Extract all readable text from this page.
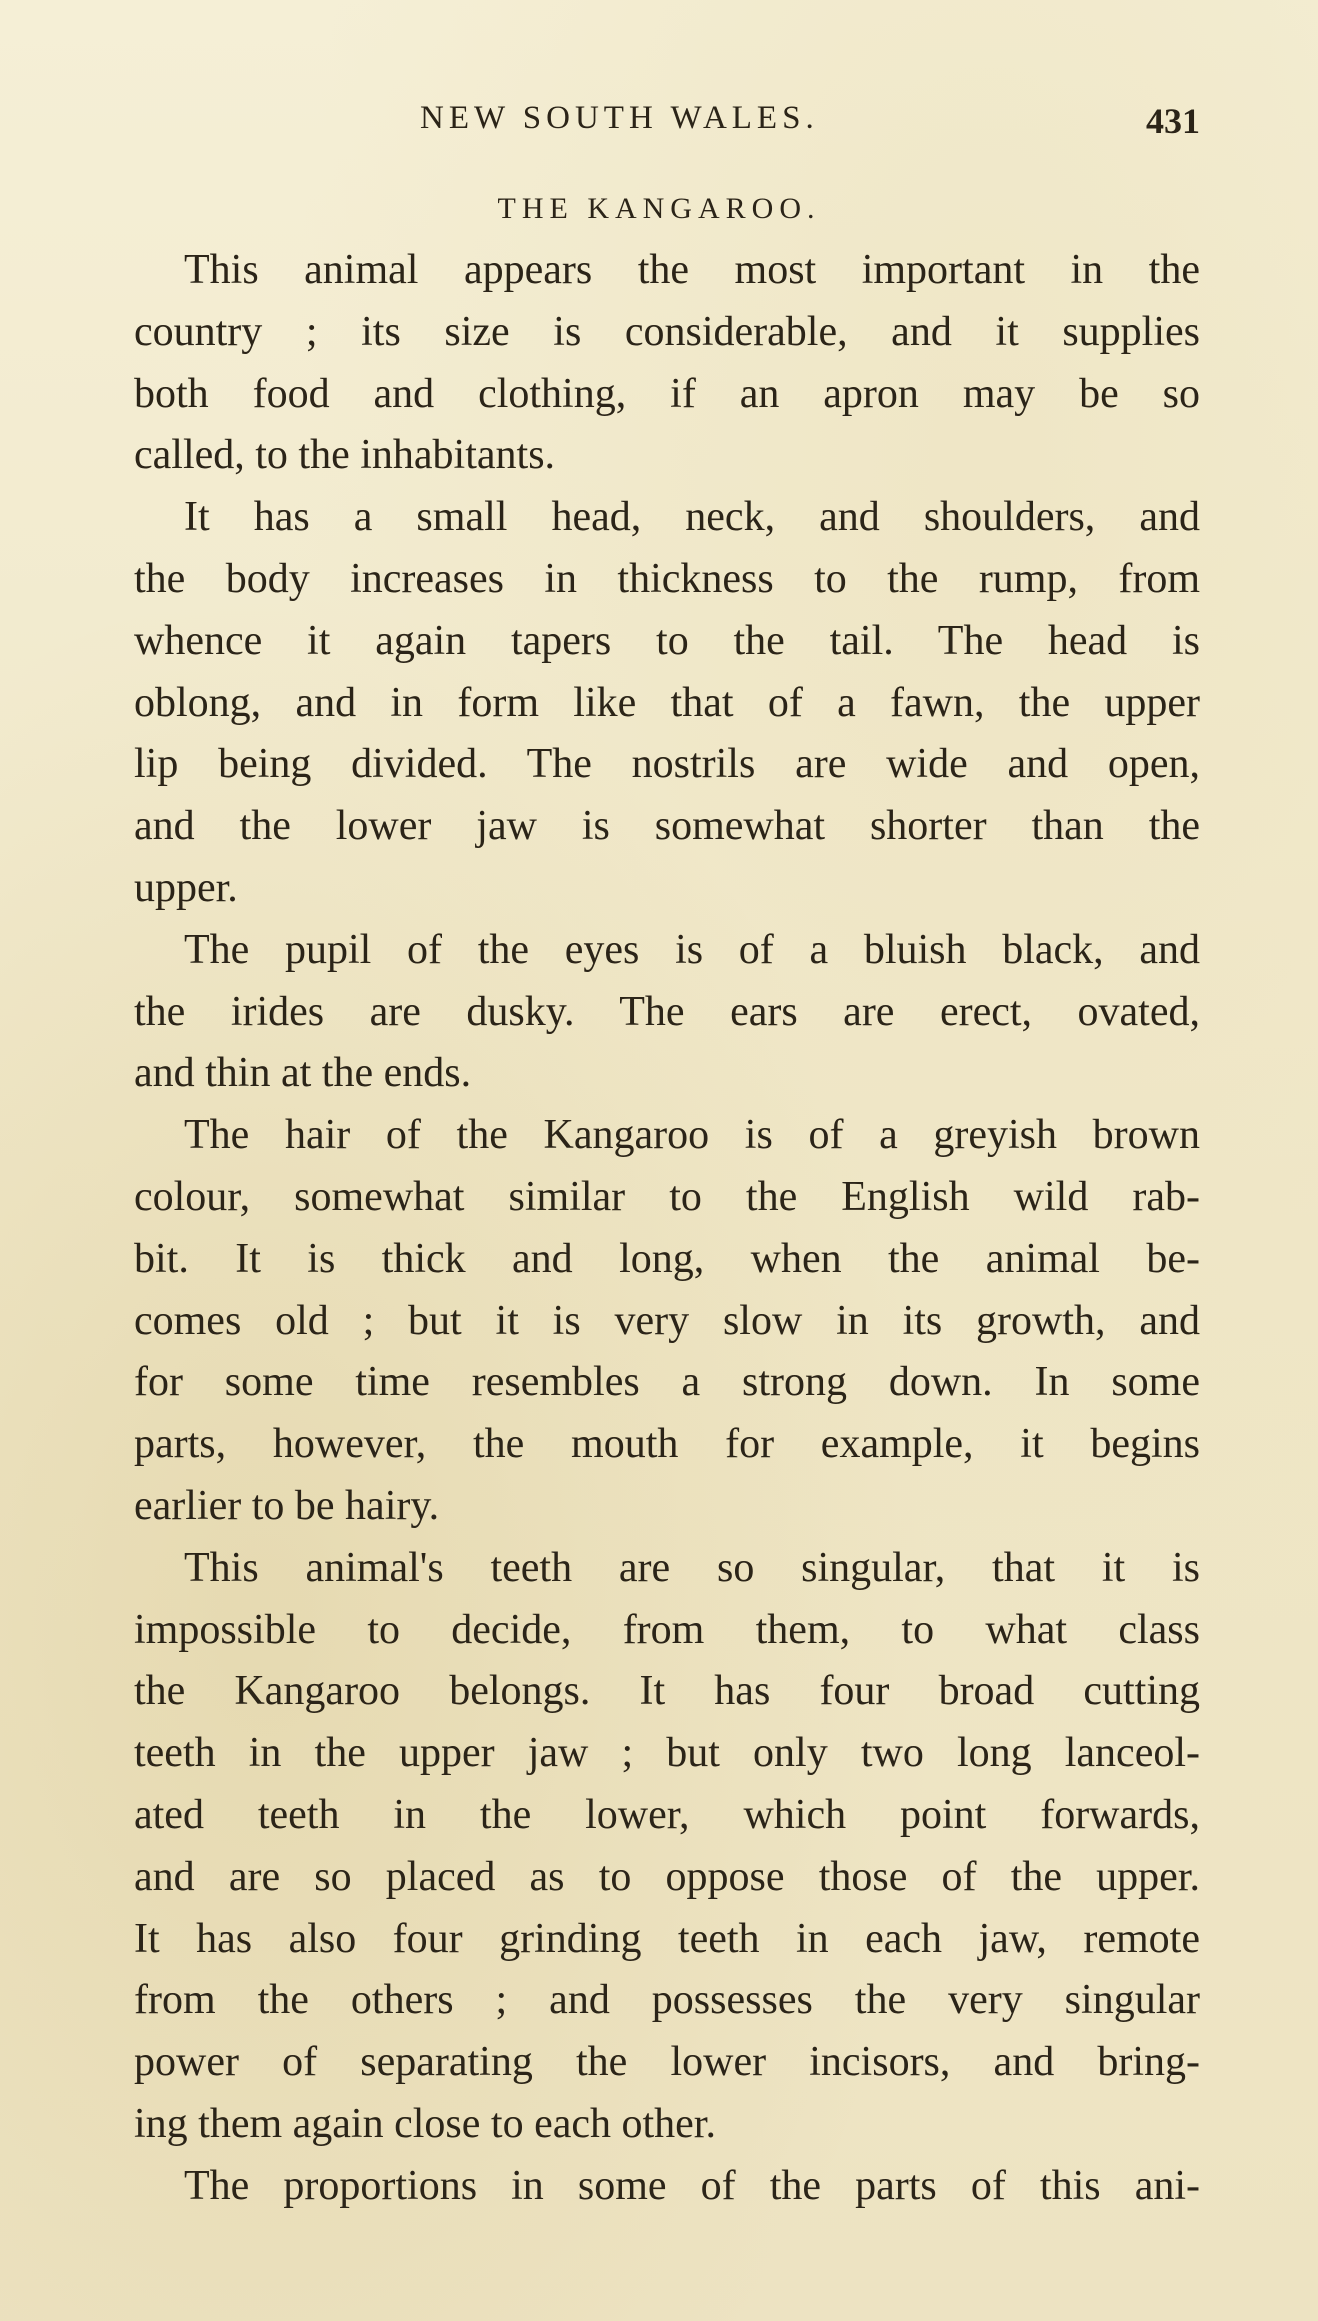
NEW SOUTH WALES.	431
THE KANGAROO.
This animal appears the most important in the
country ; its size is considerable, and it supplies
both food and clothing, if an apron may be so
called, to the inhabitants.
It has a small head, neck, and shoulders, and
the body increases in thickness to the rump, from
whence it again tapers to the tail. The head is
oblong, and in form like that of a fawn, the upper
lip being divided. The nostrils are wide and open,
and the lower jaw is somewhat shorter than the
upper.
The pupil of the eyes is of a bluish black, and
the irides are dusky. The ears are erect, ovated,
and thin at the ends.
The hair of the Kangaroo is of a greyish brown
colour, somewhat similar to the English wild rab-
bit. It is thick and long, when the animal be-
comes old ; but it is very slow in its growth, and
for some time resembles a strong down. In some
parts, however, the mouth for example, it begins
earlier to be hairy.
This animal's teeth are so singular, that it is
impossible to decide, from them, to what class
the Kangaroo belongs. It has four broad cutting
teeth in the upper jaw ; but only two long lanceol-
ated teeth in the lower, which point forwards,
and are so placed as to oppose those of the upper.
It has also four grinding teeth in each jaw, remote
from the others ; and possesses the very singular
power of separating the lower incisors, and bring-
ing them again close to each other.
The proportions in some of the parts of this ani-
